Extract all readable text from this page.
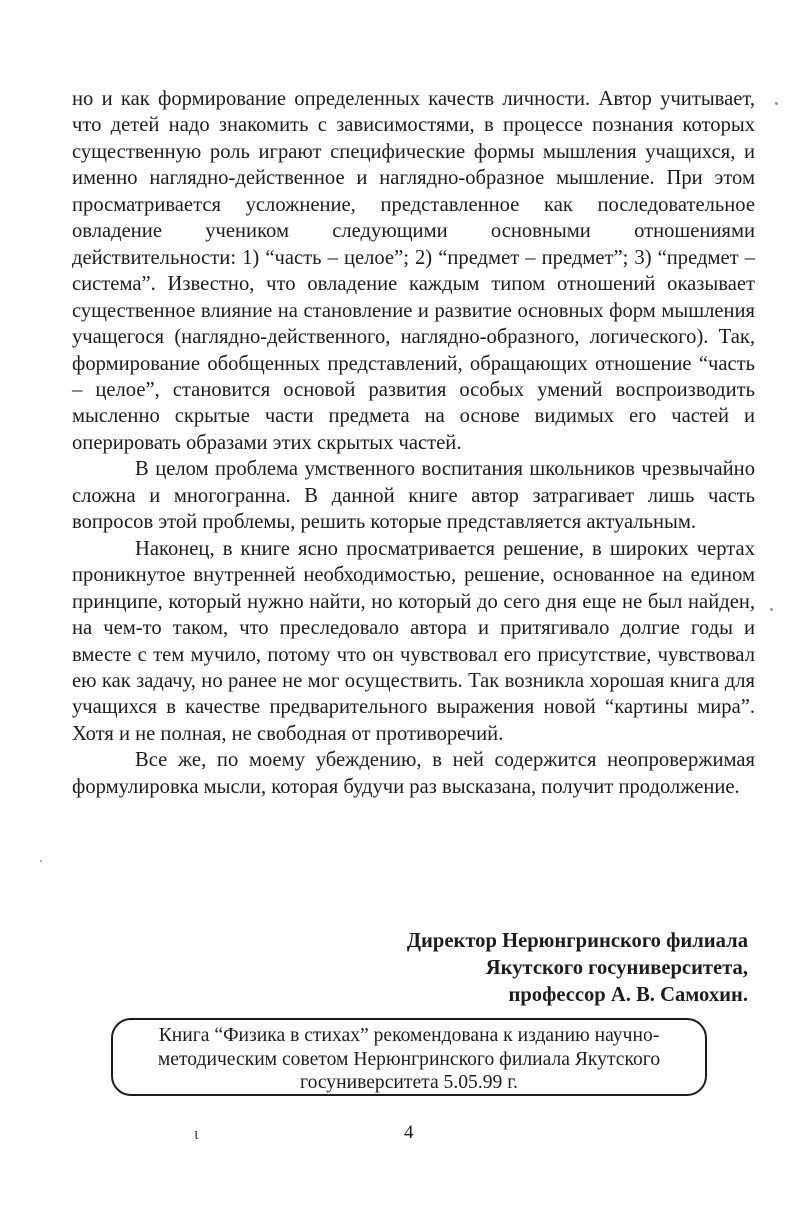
но и как формирование определенных качеств личности. Автор учитывает, что детей надо знакомить с зависимостями, в процессе познания которых существенную роль играют специфические формы мышления учащихся, и именно наглядно-действенное и наглядно-образное мышление. При этом просматривается усложнение, представленное как последовательное овладение учеником следующими основными отношениями действительности: 1) “часть – целое”; 2) “предмет – предмет”; 3) “предмет – система”. Известно, что овладение каждым типом отношений оказывает существенное влияние на становление и развитие основных форм мышления учащегося (наглядно-действенного, наглядно-образного, логического). Так, формирование обобщенных представлений, обращающих отношение “часть – целое”, становится основой развития особых умений воспроизводить мысленно скрытые части предмета на основе видимых его частей и оперировать образами этих скрытых частей.

В целом проблема умственного воспитания школьников чрезвычайно сложна и многогранна. В данной книге автор затрагивает лишь часть вопросов этой проблемы, решить которые представляется актуальным.

Наконец, в книге ясно просматривается решение, в широких чертах проникнутое внутренней необходимостью, решение, основанное на едином принципе, который нужно найти, но который до сего дня еще не был найден, на чем-то таком, что преследовало автора и притягивало долгие годы и вместе с тем мучило, потому что он чувствовал его присутствие, чувствовал ею как задачу, но ранее не мог осуществить. Так возникла хорошая книга для учащихся в качестве предварительного выражения новой “картины мира”. Хотя и не полная, не свободная от противоречий.

Все же, по моему убеждению, в ней содержится неопровержимая формулировка мысли, которая будучи раз высказана, получит продолжение.

Директор Нерюнгринского филиала
Якутского госуниверситета,
профессор А. В. Самохин.
Книга “Физика в стихах” рекомендована к изданию научно-
методическим советом Нерюнгринского филиала Якутского
госуниверситета 5.05.99 г.
ι	4
